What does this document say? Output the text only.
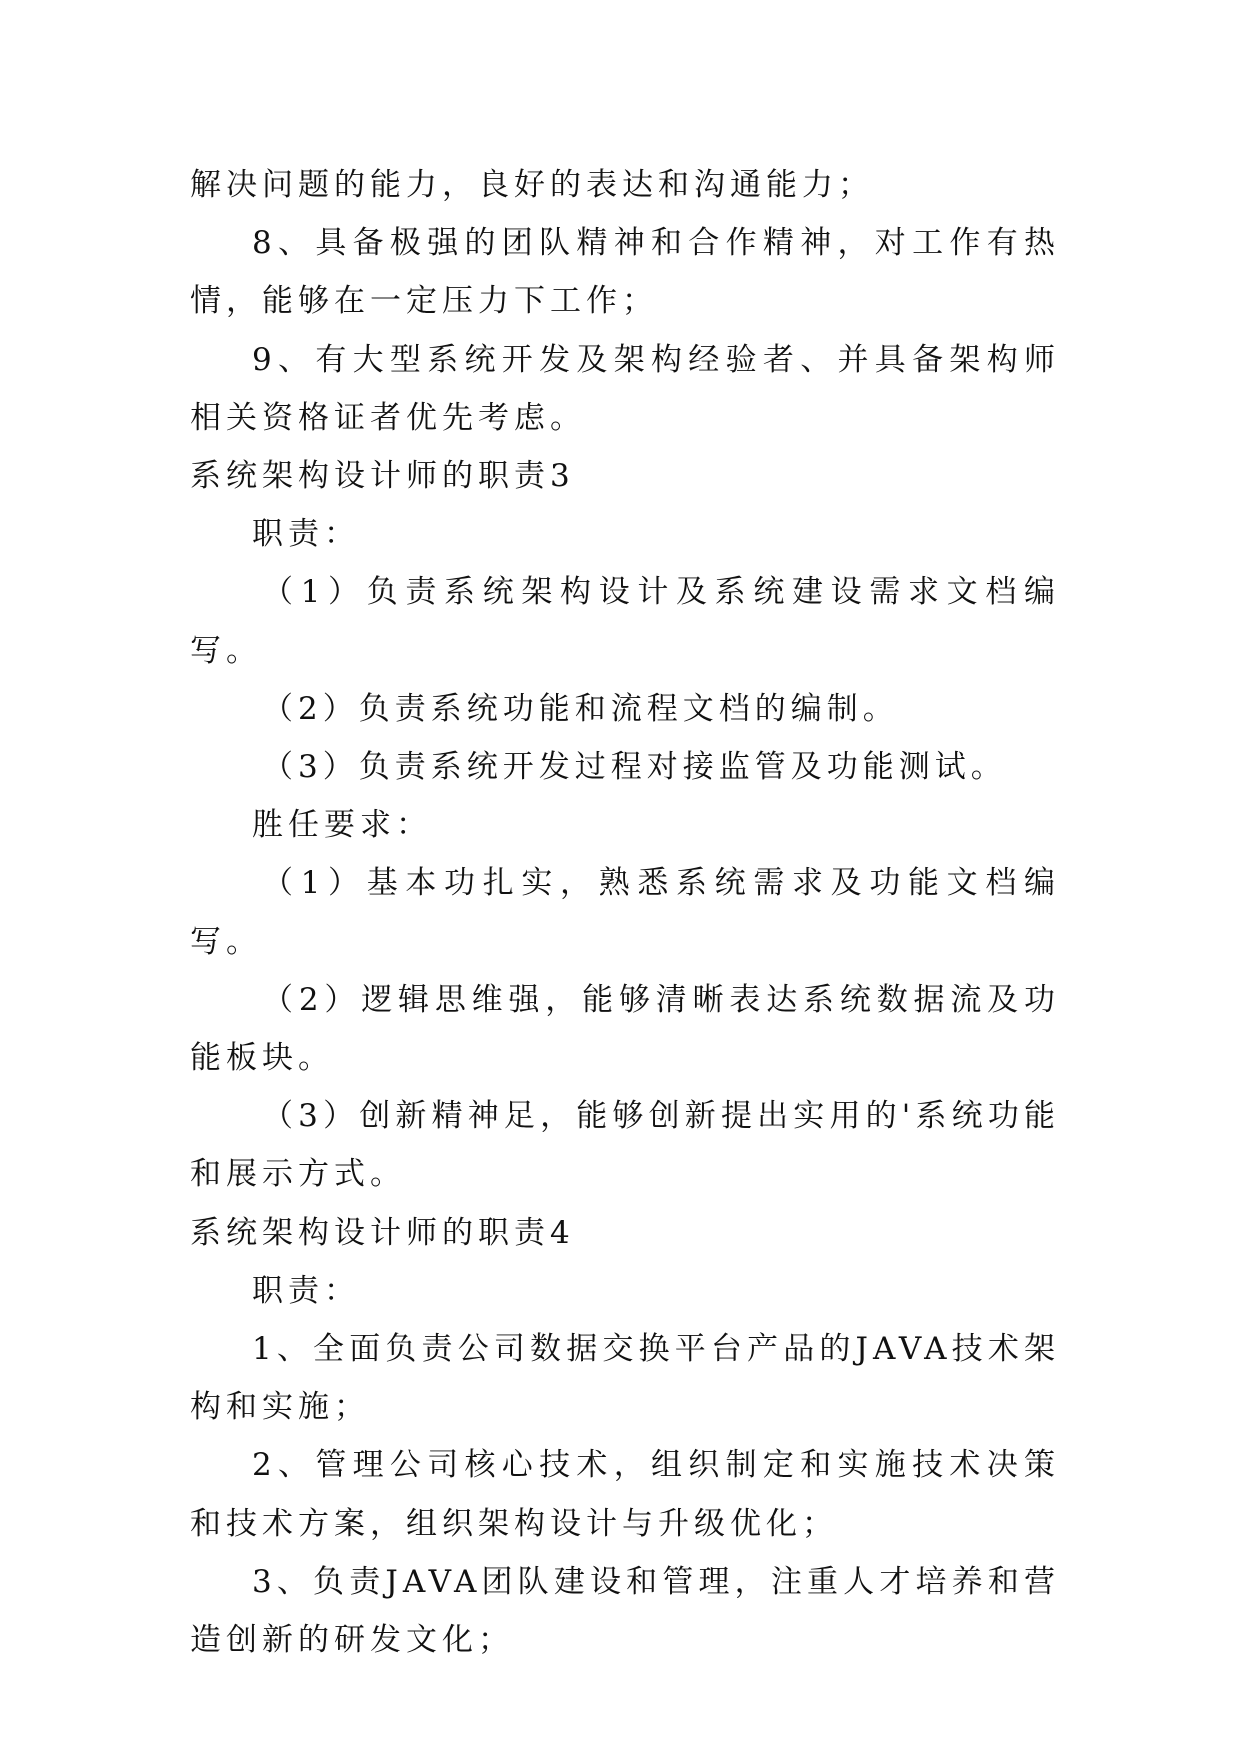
解决问题的能力，良好的表达和沟通能力；

8、具备极强的团队精神和合作精神，对工作有热情，能够在一定压力下工作；

9、有大型系统开发及架构经验者、并具备架构师相关资格证者优先考虑。

系统架构设计师的职责3

职责：

（1）负责系统架构设计及系统建设需求文档编写。

（2）负责系统功能和流程文档的编制。

（3）负责系统开发过程对接监管及功能测试。

胜任要求：

（1）基本功扎实，熟悉系统需求及功能文档编写。

（2）逻辑思维强，能够清晰表达系统数据流及功能板块。

（3）创新精神足，能够创新提出实用的'系统功能和展示方式。

系统架构设计师的职责4

职责：

1、全面负责公司数据交换平台产品的JAVA技术架构和实施；

2、管理公司核心技术，组织制定和实施技术决策和技术方案，组织架构设计与升级优化；

3、负责JAVA团队建设和管理，注重人才培养和营造创新的研发文化；
